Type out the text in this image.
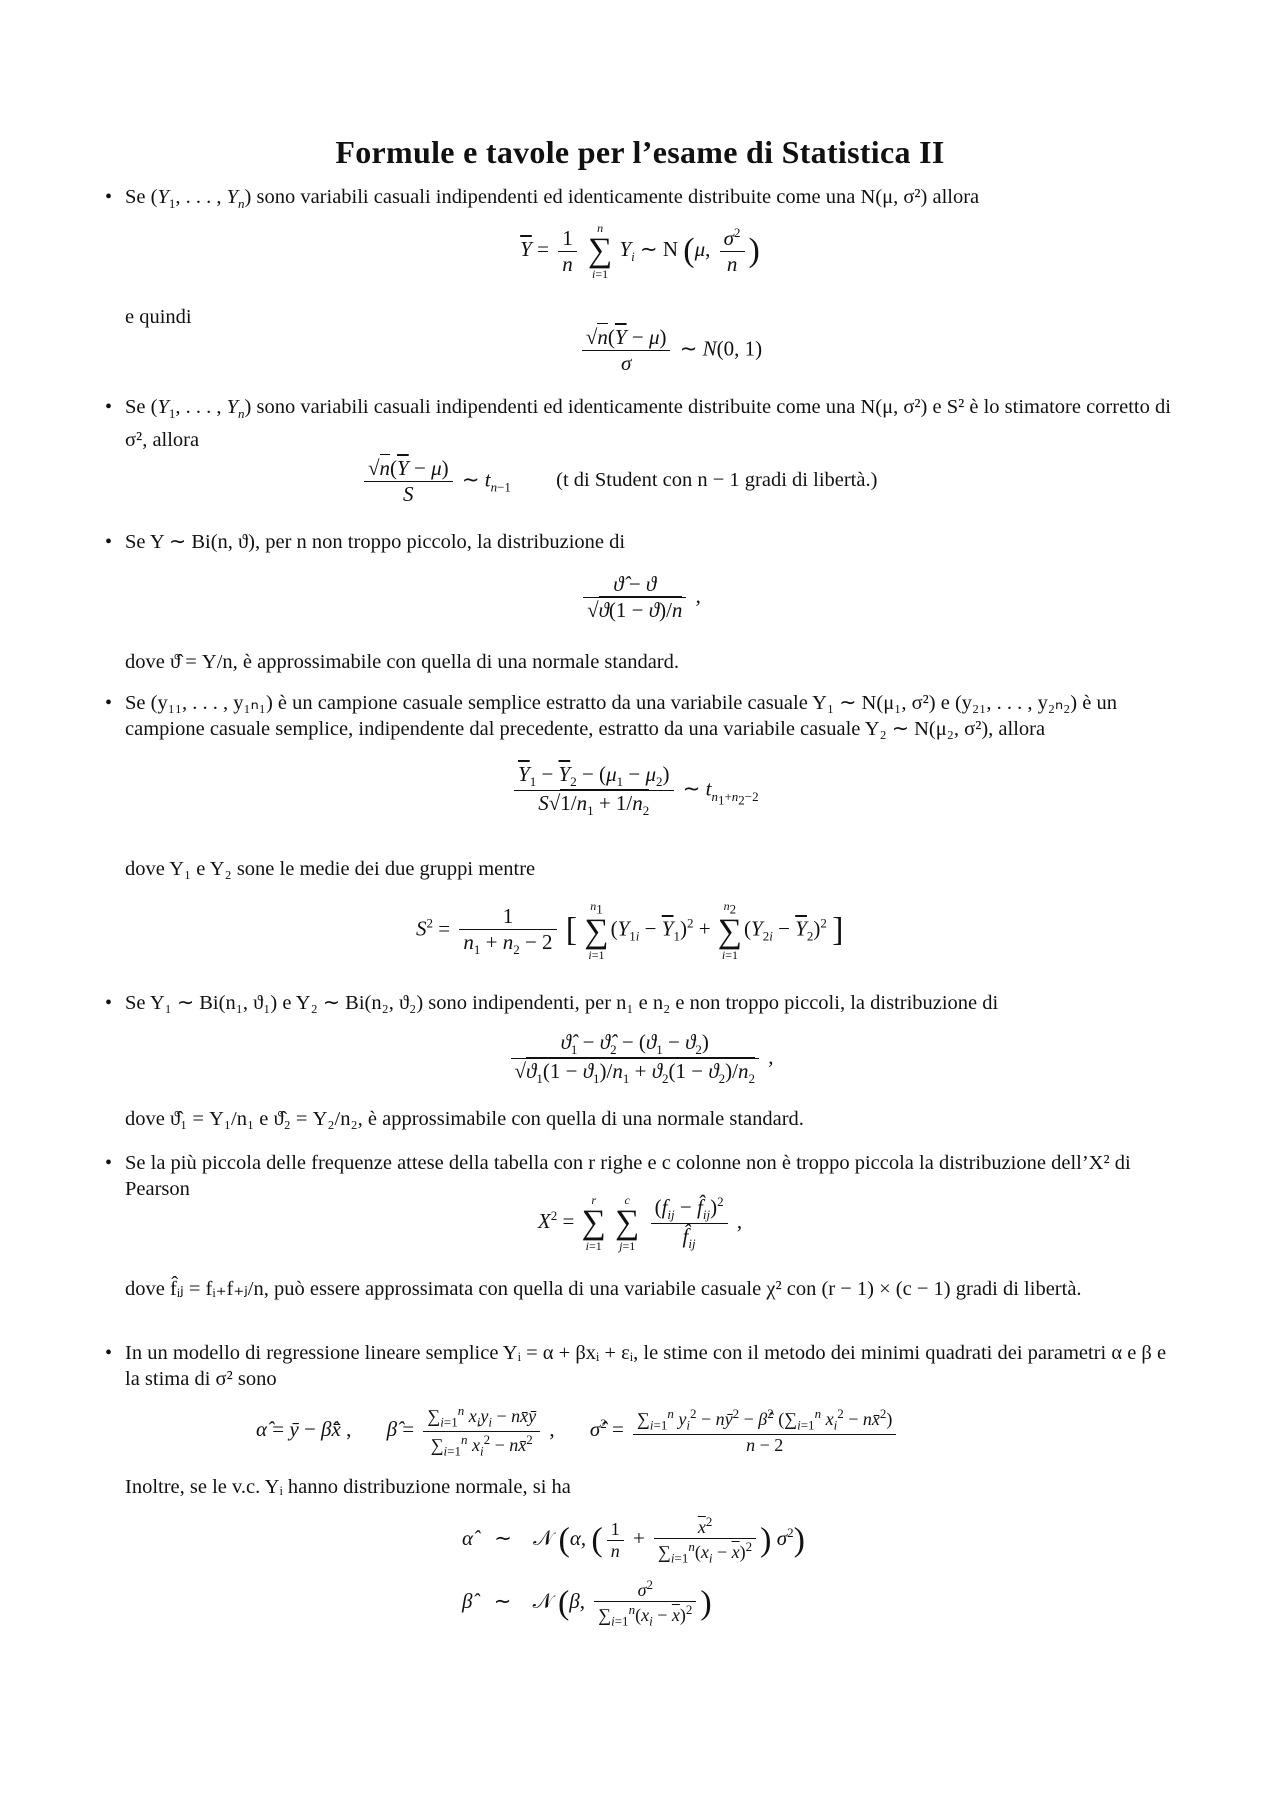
Formule e tavole per l’esame di Statistica II
• Se ($Y_1$, . . . , $Y_n$) sono variabili casuali indipendenti ed identicamente distribuite come una N(μ, σ²) allora
$\overline{Y} = \frac{1}{n}$ n
∑
i=1 $Y_i$ ∼ N (μ, $\frac{\sigma^2}{n}$ )
e quindi
$\frac{√n(\overline{Y} - \mu)}{\sigma}$ ∼ N(0, 1)
• Se ($Y_1$, . . . , $Y_n$) sono variabili casuali indipendenti ed identicamente distribuite come una N(μ, σ²) e S² è lo stimatore corretto di σ², allora
$\frac{√n(\overline{Y} - \mu)}{S}$ ∼ $t_{n-1}$ (t di Student con n − 1 gradi di libertà.)
• Se Y ∼ Bi(n, ϑ), per n non troppo piccolo, la distribuzione di
$\frac{ϑ̂ - ϑ}{√ϑ(1 - ϑ)/n}$ ,
dove ϑ̂ = Y/n, è approssimabile con quella di una normale standard.
• Se (y₁₁, . . . , y₁ₙ₁) è un campione casuale semplice estratto da una variabile casuale Y₁ ∼ N(μ₁, σ²) e (y₂₁, . . . , y₂ₙ₂) è un campione casuale semplice, indipendente dal precedente, estratto da una variabile casuale Y₂ ∼ N(μ₂, σ²), allora
$\frac{\overline{Y}_1 - \overline{Y}_2 - (\mu_1 - \mu_2)}{S√1/n_1 + 1/n_2}$ ∼ $t_{n_1+n_2-2}$
dove Y₁ e Y₂ sone le medie dei due gruppi mentre
$S^2 = \frac{1}{n_1 + n_2 - 2}$ [ $n_1$
∑
$i=1(Y_{1i} - \overline{Y}_1)^2 + n_2$
∑
$i=1(Y_{2i} - \overline{Y}_2)^2$ ]
• Se Y₁ ∼ Bi(n₁, ϑ₁) e Y₂ ∼ Bi(n₂, ϑ₂) sono indipendenti, per n₁ e n₂ e non troppo piccoli, la distribuzione di
$\frac{ϑ̂_1 - ϑ̂_2 - (ϑ_1 - ϑ_2)}{√ϑ_1(1 - ϑ_1)/n_1 + ϑ_2(1 - ϑ_2)/n_2}$ ,
dove ϑ̂₁ = Y₁/n₁ e ϑ̂₂ = Y₂/n₂, è approssimabile con quella di una normale standard.
• Se la più piccola delle frequenze attese della tabella con r righe e c colonne non è troppo piccola la distribuzione dell’X² di Pearson
$X^2 = r$
∑
i=1 c
∑
$j=1 \frac{(f_{ij} - f̂_{ij})^2}{f̂_{ij}}$ ,
dove f̂ᵢⱼ = fᵢ₊f₊ⱼ/n, può essere approssimata con quella di una variabile casuale χ² con (r − 1) × (c − 1) gradi di libertà.
• In un modello di regressione lineare semplice Yᵢ = α + βxᵢ + εᵢ, le stime con il metodo dei minimi quadrati dei parametri α e β e la stima di σ² sono
α̂ = ȳ − β̂x̄ , β̂ = $\frac{\sum_{i=1}^n x_iy_i - nx̄ȳ}{\sum_{i=1}^n x_i^2 - nx̄^2}$ , σ̂$^2$ = $\frac{\sum_{i=1}^n y_i^2 - nȳ^2 - \betâ^2 (\sum_{i=1}^n x_i^2 - nx̄^2)}{n - 2}$
Inoltre, se le v.c. Yᵢ hanno distribuzione normale, si ha
α̂ ∼ 𝒩 (α, ( $\frac{1}{n} + \frac{\overline{x}^2}{\sum_{i=1}^n(x_i - \overline{x})^2}$ ) $\sigma^2$)
β̂ ∼ 𝒩 (β, $\frac{\sigma^2}{\sum_{i=1}^n(x_i - \overline{x})^2}$ )
